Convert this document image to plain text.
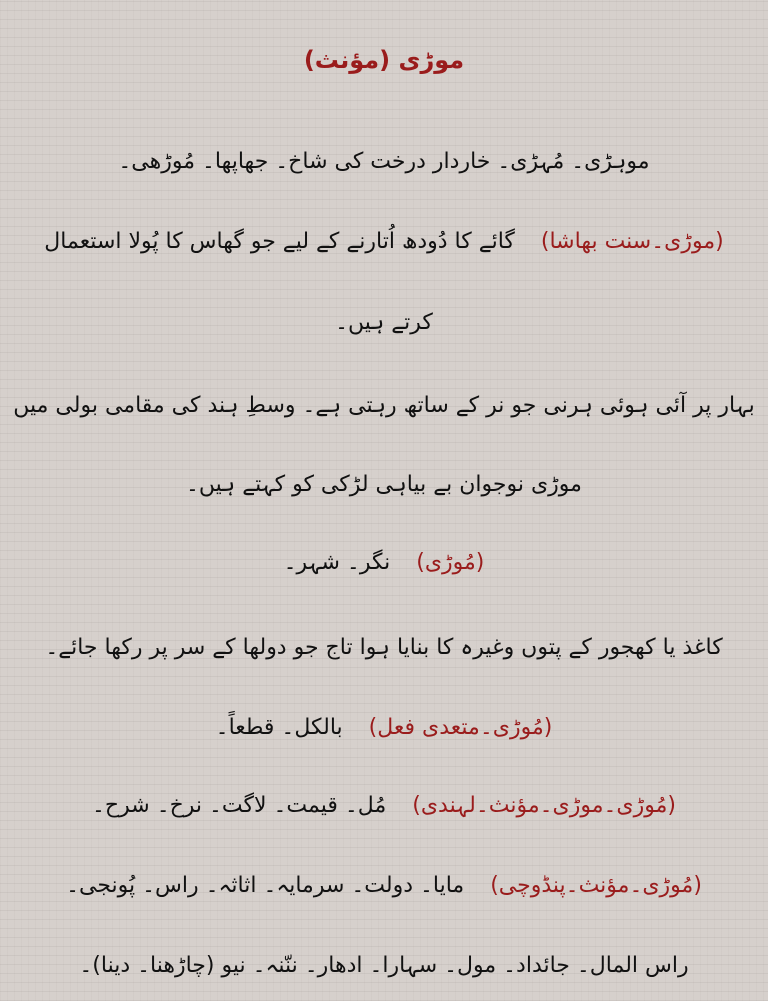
موڑی (مؤنث)
موہڑی۔ مُہڑی۔ خاردار درخت کی شاخ۔ جھاپھا۔ مُوڑھی۔
(موڑی۔سنت بھاشا)گائے کا دُودھ اُتارنے کے لیے جو گھاس کا پُولا استعمال
کرتے ہیں۔
بہار پر آئی ہوئی ہرنی جو نر کے ساتھ رہتی ہے۔ وسطِ ہند کی مقامی بولی میں
موڑی نوجوان بے بیاہی لڑکی کو کہتے ہیں۔
(مُوڑی)نگر۔ شہر۔
کاغذ یا کھجور کے پتوں وغیرہ کا بنایا ہوا تاج جو دولھا کے سر پر رکھا جائے۔
(مُوڑی۔متعدی فعل)بالکل۔ قطعاً۔
(مُوڑی۔موڑی۔مؤنث۔لہندی)مُل۔ قیمت۔ لاگت۔ نرخ۔ شرح۔
(مُوڑی۔مؤنث۔پنڈوچی)مایا۔ دولت۔ سرمایہ۔ اثاثہ۔ راس۔ پُونجی۔
راس المال۔ جائداد۔ مول۔ سہارا۔ ادھار۔ ننّنہ۔ نیو (چاڑھنا۔ دینا)۔
